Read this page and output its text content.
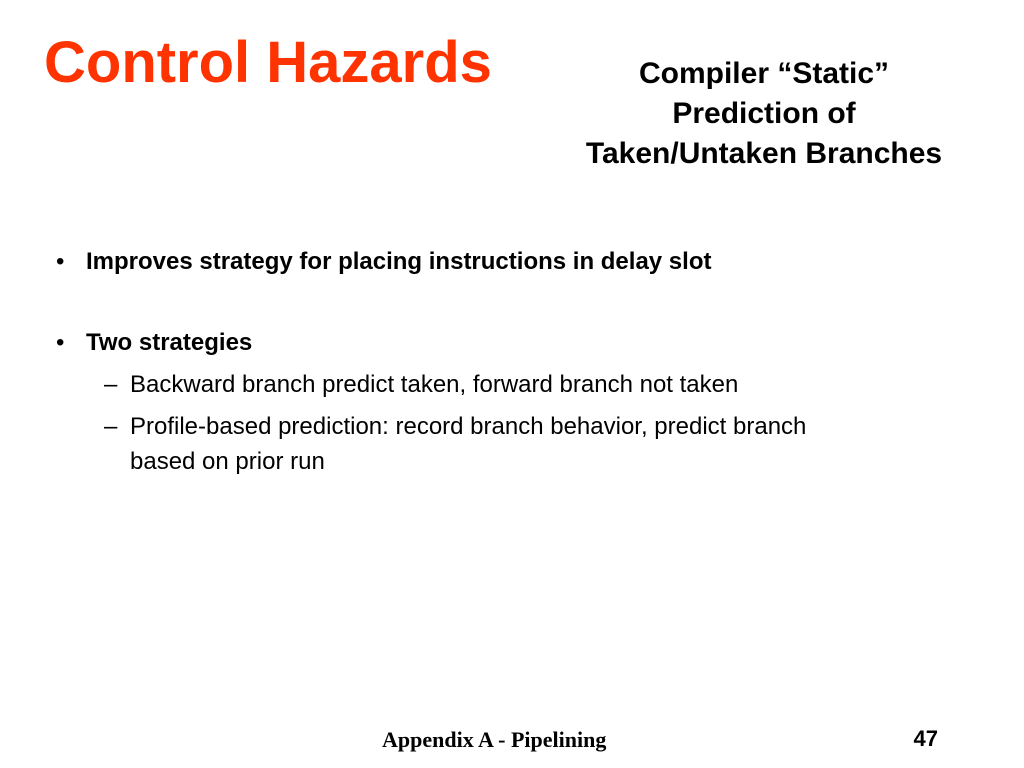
Control Hazards	Compiler “Static”
Prediction of
Taken/Untaken Branches
• Improves strategy for placing instructions in delay slot
• Two strategies
– Backward branch predict taken, forward branch not taken
– Profile-based prediction: record branch behavior, predict branch
based on prior run
Appendix A - Pipelining	47
